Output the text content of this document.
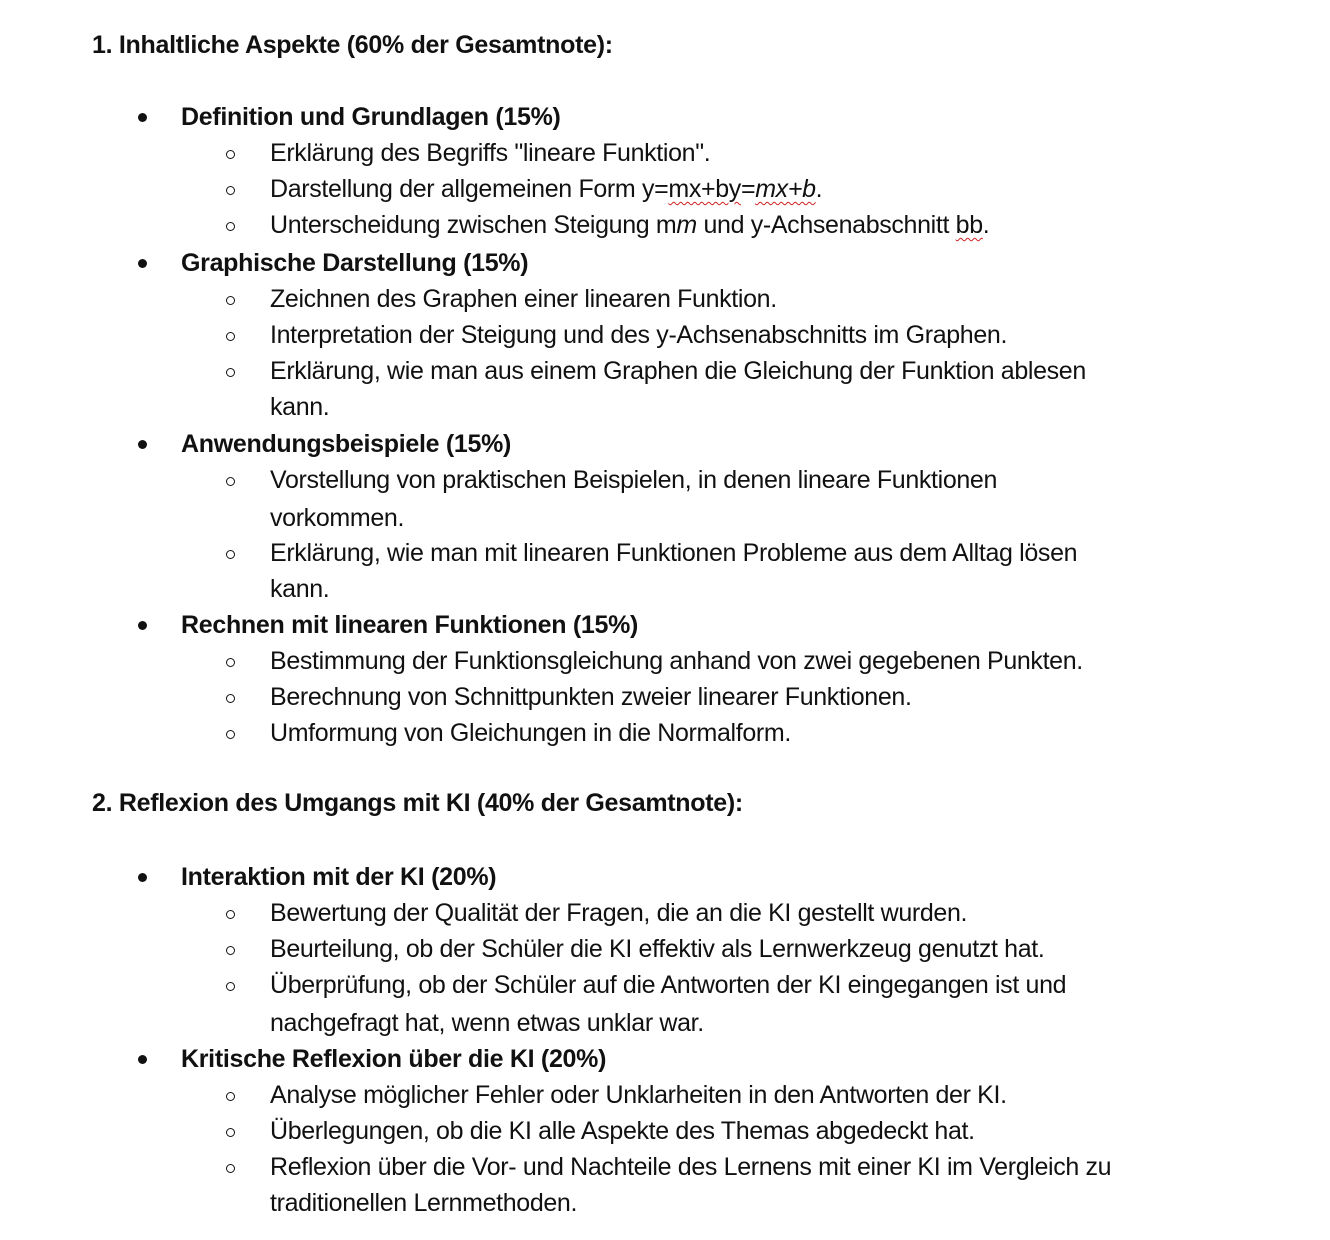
1. Inhaltliche Aspekte (60% der Gesamtnote):
Definition und Grundlagen (15%)
Erklärung des Begriffs "lineare Funktion".
Darstellung der allgemeinen Form y=mx+by=mx+b.
Unterscheidung zwischen Steigung mm und y-Achsenabschnitt bb.
Graphische Darstellung (15%)
Zeichnen des Graphen einer linearen Funktion.
Interpretation der Steigung und des y-Achsenabschnitts im Graphen.
Erklärung, wie man aus einem Graphen die Gleichung der Funktion ablesen
kann.
Anwendungsbeispiele (15%)
Vorstellung von praktischen Beispielen, in denen lineare Funktionen
vorkommen.
Erklärung, wie man mit linearen Funktionen Probleme aus dem Alltag lösen
kann.
Rechnen mit linearen Funktionen (15%)
Bestimmung der Funktionsgleichung anhand von zwei gegebenen Punkten.
Berechnung von Schnittpunkten zweier linearer Funktionen.
Umformung von Gleichungen in die Normalform.
2. Reflexion des Umgangs mit KI (40% der Gesamtnote):
Interaktion mit der KI (20%)
Bewertung der Qualität der Fragen, die an die KI gestellt wurden.
Beurteilung, ob der Schüler die KI effektiv als Lernwerkzeug genutzt hat.
Überprüfung, ob der Schüler auf die Antworten der KI eingegangen ist und
nachgefragt hat, wenn etwas unklar war.
Kritische Reflexion über die KI (20%)
Analyse möglicher Fehler oder Unklarheiten in den Antworten der KI.
Überlegungen, ob die KI alle Aspekte des Themas abgedeckt hat.
Reflexion über die Vor- und Nachteile des Lernens mit einer KI im Vergleich zu
traditionellen Lernmethoden.
